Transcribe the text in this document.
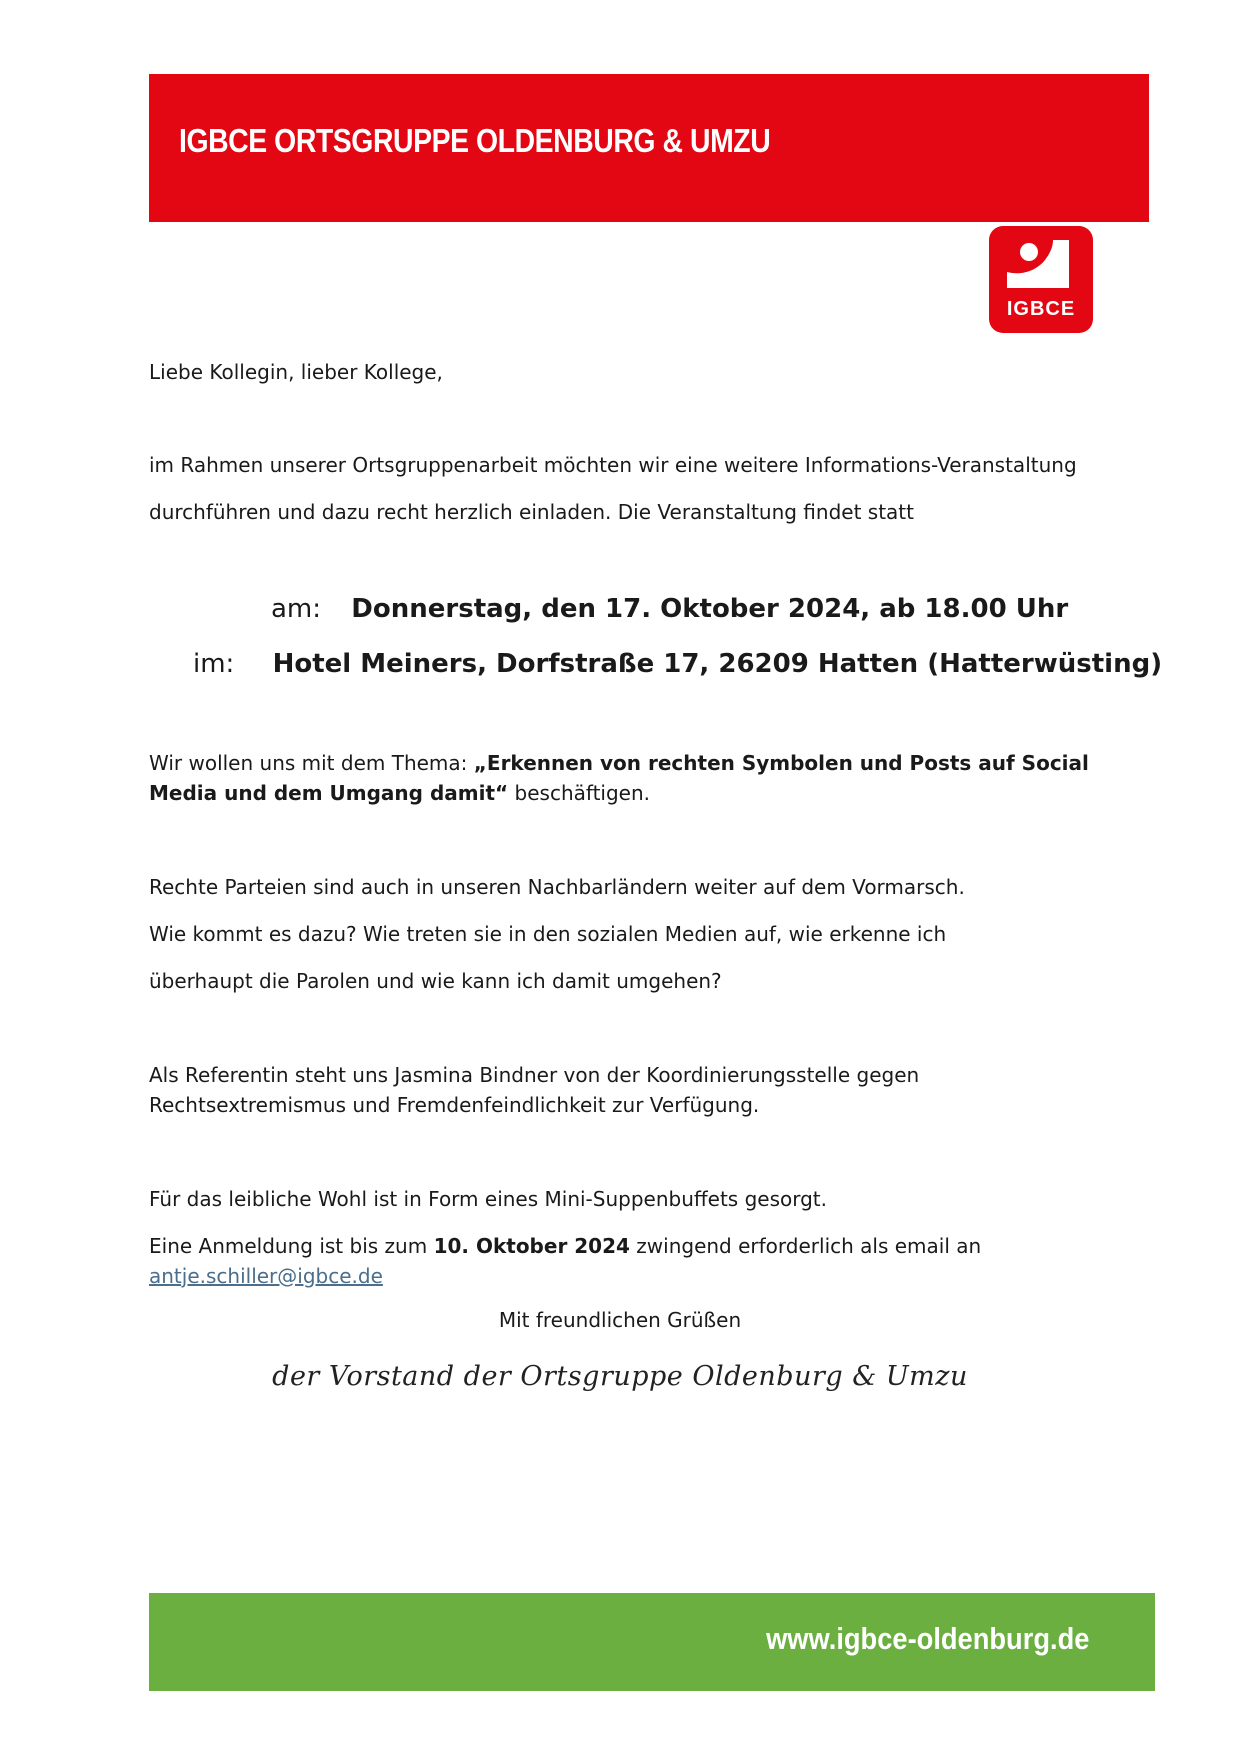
IGBCE ORTSGRUPPE OLDENBURG & UMZU
IGBCE
Liebe Kollegin, lieber Kollege,
im Rahmen unserer Ortsgruppenarbeit möchten wir eine weitere Informations-Veranstaltung
durchführen und dazu recht herzlich einladen. Die Veranstaltung findet statt
am: Donnerstag, den 17. Oktober 2024, ab 18.00 Uhr
im: Hotel Meiners, Dorfstraße 17, 26209 Hatten (Hatterwüsting)
Wir wollen uns mit dem Thema: „Erkennen von rechten Symbolen und Posts auf Social
Media und dem Umgang damit“ beschäftigen.
Rechte Parteien sind auch in unseren Nachbarländern weiter auf dem Vormarsch.
Wie kommt es dazu? Wie treten sie in den sozialen Medien auf, wie erkenne ich
überhaupt die Parolen und wie kann ich damit umgehen?
Als Referentin steht uns Jasmina Bindner von der Koordinierungsstelle gegen
Rechtsextremismus und Fremdenfeindlichkeit zur Verfügung.
Für das leibliche Wohl ist in Form eines Mini-Suppenbuffets gesorgt.
Eine Anmeldung ist bis zum 10. Oktober 2024 zwingend erforderlich als email an
antje.schiller@igbce.de
Mit freundlichen Grüßen
der Vorstand der Ortsgruppe Oldenburg & Umzu
www.igbce-oldenburg.de
